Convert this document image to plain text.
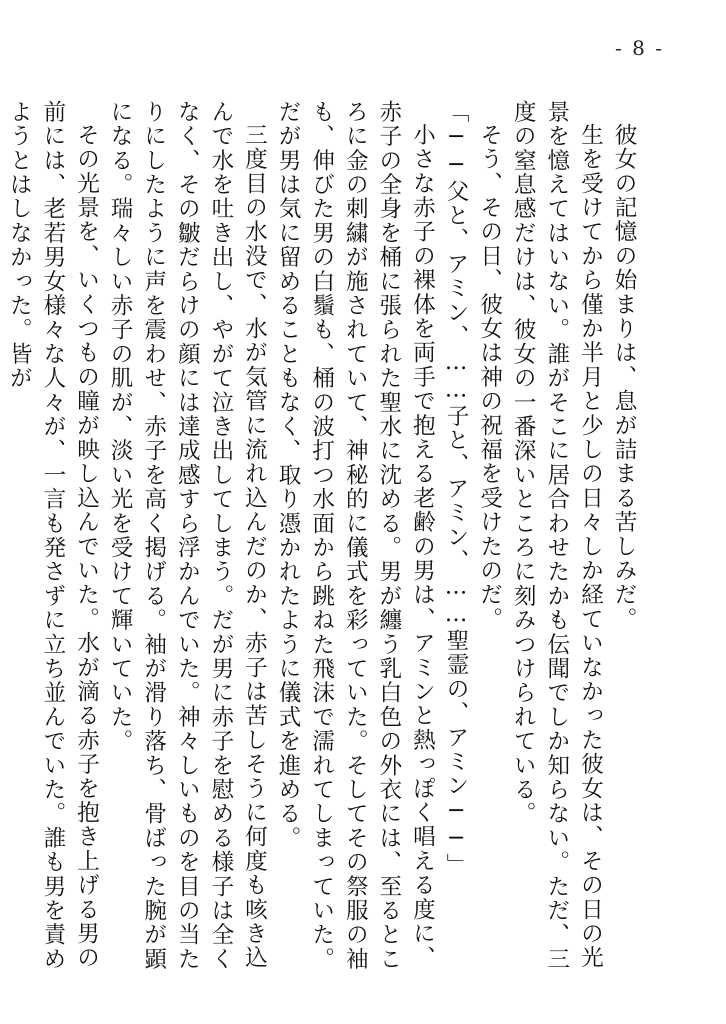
- 8 -

彼女の記憶の始まりは、息が詰まる苦しみだ。

生を受けてから僅か半月と少しの日々しか経ていなかった彼女は、その日の光景を憶えてはいない。誰がそこに居合わせたかも伝聞でしか知らない。ただ、三度の窒息感だけは、彼女の一番深いところに刻みつけられている。

そう、その日、彼女は神の祝福を受けたのだ。

「──父と、アミン、……子と、アミン、……聖霊の、アミン──」

小さな赤子の裸体を両手で抱える老齢の男は、アミンと熱っぽく唱える度に、赤子の全身を桶に張られた聖水に沈める。男が纏う乳白色の外衣には、至るところに金の刺繍が施されていて、神秘的に儀式を彩っていた。そしてその祭服の袖も、伸びた男の白鬚も、桶の波打つ水面から跳ねた飛沫で濡れてしまっていた。だが男は気に留めることもなく、取り憑かれたように儀式を進める。

三度目の水没で、水が気管に流れ込んだのか、赤子は苦しそうに何度も咳き込んで水を吐き出し、やがて泣き出してしまう。だが男に赤子を慰める様子は全くなく、その皺だらけの顔には達成感すら浮かんでいた。神々しいものを目の当たりにしたように声を震わせ、赤子を高く掲げる。袖が滑り落ち、骨ばった腕が顕になる。瑞々しい赤子の肌が、淡い光を受けて輝いていた。

その光景を、いくつもの瞳が映し込んでいた。水が滴る赤子を抱き上げる男の前には、老若男女様々な人々が、一言も発さずに立ち並んでいた。誰も男を責めようとはしなかった。皆が
